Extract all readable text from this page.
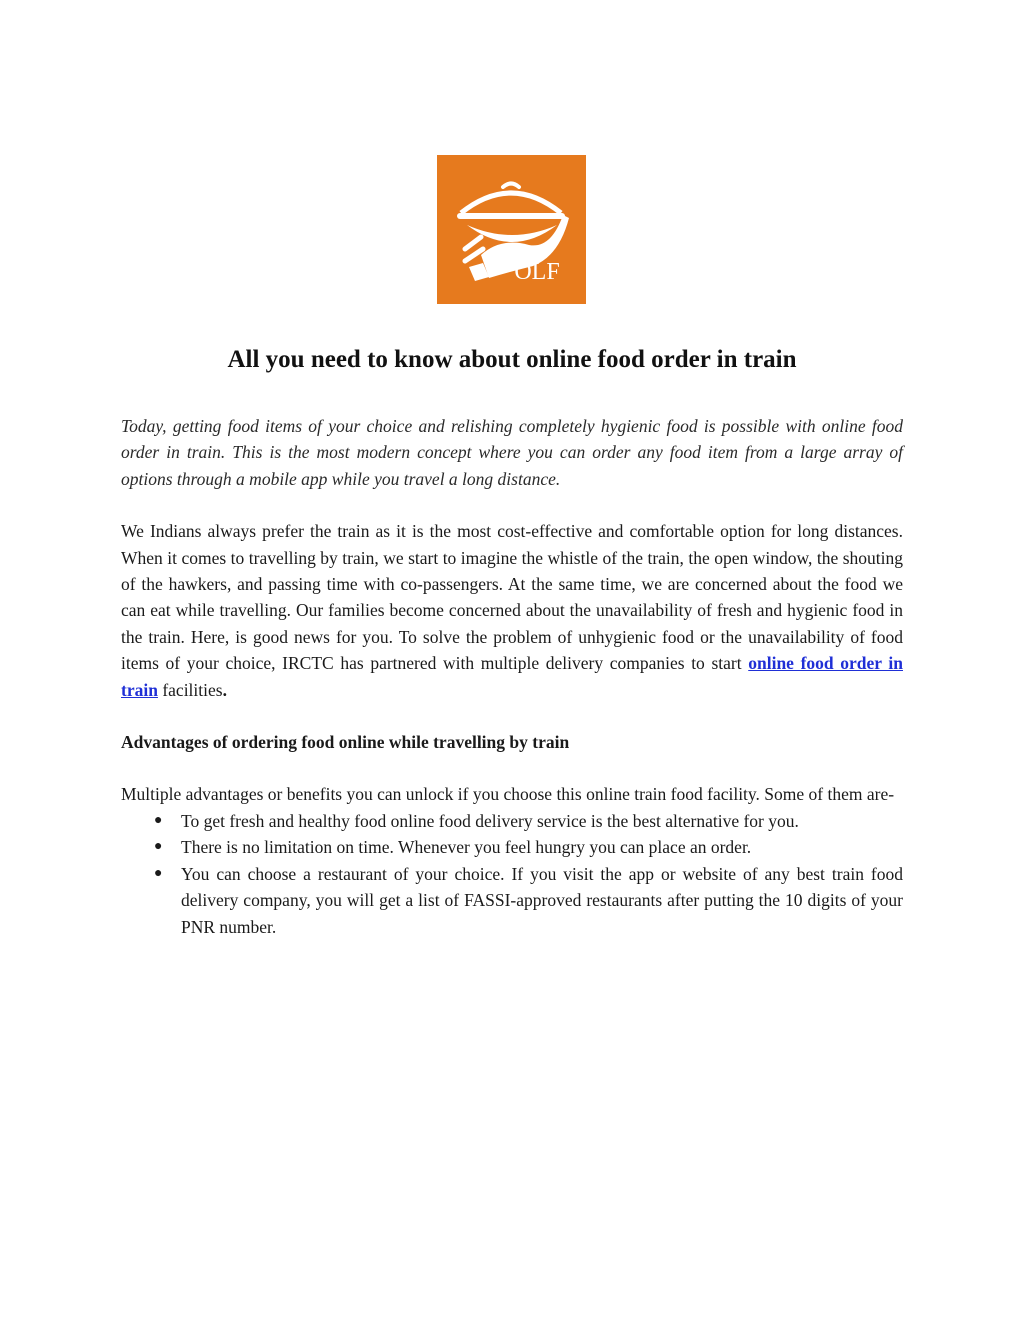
OLF
All you need to know about online food order in train

Today, getting food items of your choice and relishing completely hygienic food is possible with online food order in train. This is the most modern concept where you can order any food item from a large array of options through a mobile app while you travel a long distance.

We Indians always prefer the train as it is the most cost-effective and comfortable option for long distances. When it comes to travelling by train, we start to imagine the whistle of the train, the open window, the shouting of the hawkers, and passing time with co-passengers. At the same time, we are concerned about the food we can eat while travelling. Our families become concerned about the unavailability of fresh and hygienic food in the train. Here, is good news for you. To solve the problem of unhygienic food or the unavailability of food items of your choice, IRCTC has partnered with multiple delivery companies to start online food order in train facilities.

Advantages of ordering food online while travelling by train

Multiple advantages or benefits you can unlock if you choose this online train food facility. Some of them are-

● To get fresh and healthy food online food delivery service is the best alternative for you.
● There is no limitation on time. Whenever you feel hungry you can place an order.
● You can choose a restaurant of your choice. If you visit the app or website of any best train food delivery company, you will get a list of FASSI-approved restaurants after putting the 10 digits of your PNR number.
